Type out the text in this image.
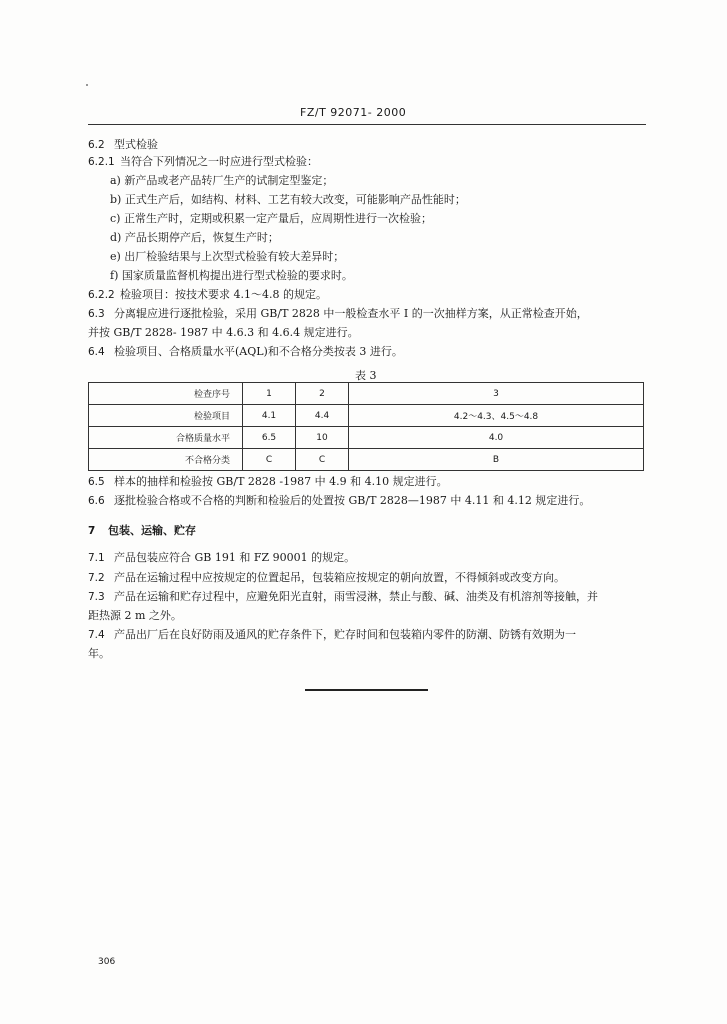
FZ/T 92071- 2000
6.2 型式检验
6.2.1 当符合下列情况之一时应进行型式检验：
a) 新产品或老产品转厂生产的试制定型鉴定；
b) 正式生产后，如结构、材料、工艺有较大改变，可能影响产品性能时；
c) 正常生产时，定期或积累一定产量后，应周期性进行一次检验；
d) 产品长期停产后，恢复生产时；
e) 出厂检验结果与上次型式检验有较大差异时；
f) 国家质量监督机构提出进行型式检验的要求时。
6.2.2 检验项目：按技术要求 4.1～4.8 的规定。
6.3 分离辊应进行逐批检验，采用 GB/T 2828 中一般检查水平 I 的一次抽样方案，从正常检查开始，
并按 GB/T 2828- 1987 中 4.6.3 和 4.6.4 规定进行。
6.4 检验项目、合格质量水平(AQL)和不合格分类按表 3 进行。
表 3
检查序号	1	2	3
检验项目	4.1	4.4	4.2～4.3、4.5～4.8
合格质量水平	6.5	10	4.0
不合格分类	C	C	B
6.5 样本的抽样和检验按 GB/T 2828 -1987 中 4.9 和 4.10 规定进行。
6.6 逐批检验合格或不合格的判断和检验后的处置按 GB/T 2828—1987 中 4.11 和 4.12 规定进行。
7 包装、运输、贮存
7.1 产品包装应符合 GB 191 和 FZ 90001 的规定。
7.2 产品在运输过程中应按规定的位置起吊，包装箱应按规定的朝向放置，不得倾斜或改变方向。
7.3 产品在运输和贮存过程中，应避免阳光直射，雨雪浸淋，禁止与酸、碱、油类及有机溶剂等接触，并
距热源 2 m 之外。
7.4 产品出厂后在良好防雨及通风的贮存条件下，贮存时间和包装箱内零件的防潮、防锈有效期为一
年。
306
